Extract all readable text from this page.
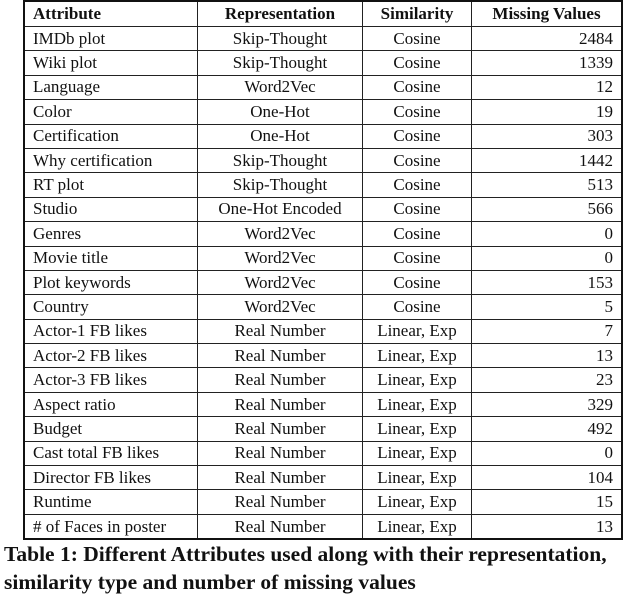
Attribute	Representation	Similarity	Missing Values
IMDb plot	Skip-Thought	Cosine	2484
Wiki plot	Skip-Thought	Cosine	1339
Language	Word2Vec	Cosine	12
Color	One-Hot	Cosine	19
Certification	One-Hot	Cosine	303
Why certification	Skip-Thought	Cosine	1442
RT plot	Skip-Thought	Cosine	513
Studio	One-Hot Encoded	Cosine	566
Genres	Word2Vec	Cosine	0
Movie title	Word2Vec	Cosine	0
Plot keywords	Word2Vec	Cosine	153
Country	Word2Vec	Cosine	5
Actor-1 FB likes	Real Number	Linear, Exp	7
Actor-2 FB likes	Real Number	Linear, Exp	13
Actor-3 FB likes	Real Number	Linear, Exp	23
Aspect ratio	Real Number	Linear, Exp	329
Budget	Real Number	Linear, Exp	492
Cast total FB likes	Real Number	Linear, Exp	0
Director FB likes	Real Number	Linear, Exp	104
Runtime	Real Number	Linear, Exp	15
# of Faces in poster	Real Number	Linear, Exp	13
Table 1: Different Attributes used along with their representation, similarity type and number of missing values
